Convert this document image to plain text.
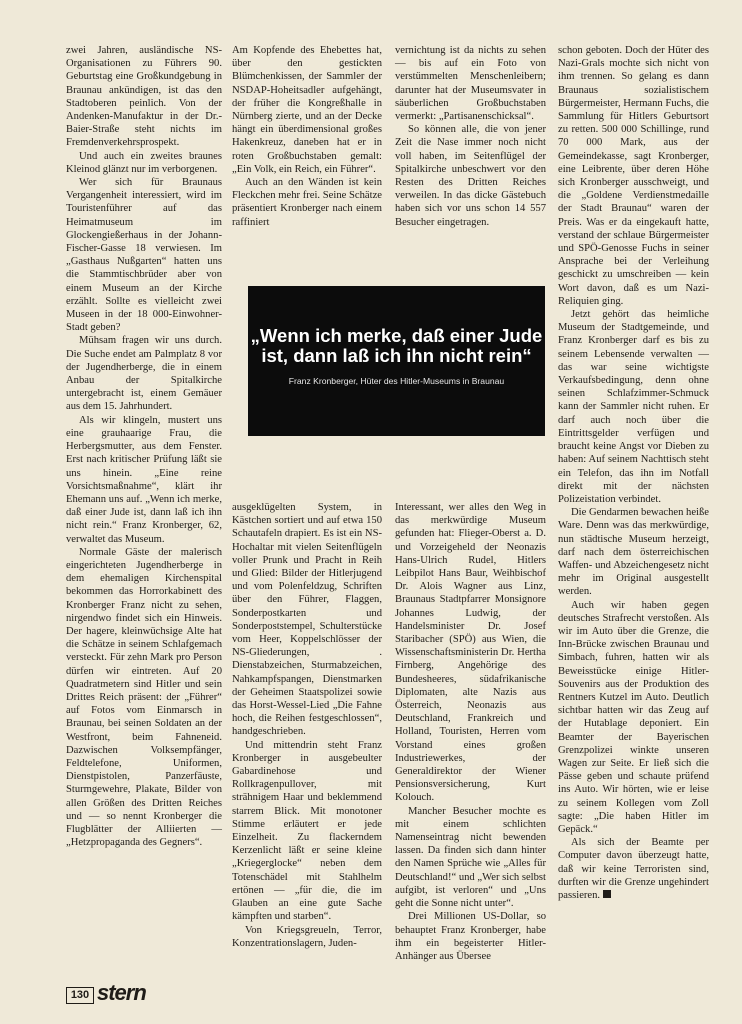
zwei Jahren, ausländische NS-Organisationen zu Führers 90. Geburtstag eine Großkundgebung in Braunau ankündigen, ist das den Stadtoberen peinlich. Von der Andenken-Manufaktur in der Dr.-Baier-Straße steht nichts im Fremdenverkehrsprospekt.

Und auch ein zweites braunes Kleinod glänzt nur im verborgenen.

Wer sich für Braunaus Vergangenheit interessiert, wird im Touristenführer auf das Heimatmuseum im Glockengießerhaus in der Johann-Fischer-Gasse 18 verwiesen. Im „Gasthaus Nußgarten“ hatten uns die Stammtischbrüder aber von einem Museum an der Kirche erzählt. Sollte es vielleicht zwei Museen in der 18 000-Einwohner-Stadt geben?

Mühsam fragen wir uns durch. Die Suche endet am Palmplatz 8 vor der Jugendherberge, die in einem Anbau der Spitalkirche untergebracht ist, einem Gemäuer aus dem 15. Jahrhundert.

Als wir klingeln, mustert uns eine grauhaarige Frau, die Herbergsmutter, aus dem Fenster. Erst nach kritischer Prüfung läßt sie uns hinein. „Eine reine Vorsichtsmaßnahme“, klärt ihr Ehemann uns auf. „Wenn ich merke, daß einer Jude ist, dann laß ich ihn nicht rein.“ Franz Kronberger, 62, verwaltet das Museum.

Normale Gäste der malerisch eingerichteten Jugendherberge in dem ehemaligen Kirchenspital bekommen das Horrorkabinett des Kronberger Franz nicht zu sehen, nirgendwo findet sich ein Hinweis. Der hagere, kleinwüchsige Alte hat die Schätze in seinem Schlafgemach versteckt. Für zehn Mark pro Person dürfen wir eintreten. Auf 20 Quadratmetern sind Hitler und sein Drittes Reich präsent: der „Führer“ auf Fotos vom Einmarsch in Braunau, bei seinen Soldaten an der Westfront, beim Fahneneid. Dazwischen Volksempfänger, Feldtelefone, Uniformen, Dienstpistolen, Panzerfäuste, Sturmgewehre, Plakate, Bilder von allen Größen des Dritten Reiches und — so nennt Kronberger die Flugblätter der Alliierten — „Hetzpropaganda des Gegners“.

Am Kopfende des Ehebettes hat, über den gestickten Blümchenkissen, der Sammler der NSDAP-Hoheitsadler aufgehängt, der früher die Kongreßhalle in Nürnberg zierte, und an der Decke hängt ein überdimensional großes Hakenkreuz, daneben hat er in roten Großbuchstaben gemalt: „Ein Volk, ein Reich, ein Führer“.

Auch an den Wänden ist kein Fleckchen mehr frei. Seine Schätze präsentiert Kronberger nach einem raffiniert

vernichtung ist da nichts zu sehen — bis auf ein Foto von verstümmelten Menschenleibern; darunter hat der Museumsvater in säuberlichen Großbuchstaben vermerkt: „Partisanenschicksal“.

So können alle, die von jener Zeit die Nase immer noch nicht voll haben, im Seitenflügel der Spitalkirche unbeschwert vor den Resten des Dritten Reiches verweilen. In das dicke Gästebuch haben sich vor uns schon 14 557 Besucher eingetragen.

„Wenn ich merke, daß einer Jude ist, dann laß ich ihn nicht rein“
Franz Kronberger, Hüter des Hitler-Museums in Braunau

ausgeklügelten System, in Kästchen sortiert und auf etwa 150 Schautafeln drapiert. Es ist ein NS-Hochaltar mit vielen Seitenflügeln voller Prunk und Pracht in Reih und Glied: Bilder der Hitlerjugend und vom Polenfeldzug, Schriften über den Führer, Flaggen, Sonderpostkarten und Sonderpoststempel, Schulterstücke vom Heer, Koppelschlösser der NS-Gliederungen, . Dienstabzeichen, Sturmabzeichen, Nahkampfspangen, Dienstmarken der Geheimen Staatspolizei sowie das Horst-Wessel-Lied „Die Fahne hoch, die Reihen festgeschlossen“, handgeschrieben.

Und mittendrin steht Franz Kronberger in ausgebeulter Gabardinehose und Rollkragenpullover, mit strähnigem Haar und beklemmend starrem Blick. Mit monotoner Stimme erläutert er jede Einzelheit. Zu flackerndem Kerzenlicht läßt er seine kleine „Kriegerglocke“ neben dem Totenschädel mit Stahlhelm ertönen — „für die, die im Glauben an eine gute Sache kämpften und starben“.

Von Kriegsgreueln, Terror, Konzentrationslagern, Juden-

Interessant, wer alles den Weg in das merkwürdige Museum gefunden hat: Flieger-Oberst a. D. und Vorzeigeheld der Neonazis Hans-Ulrich Rudel, Hitlers Leibpilot Hans Baur, Weihbischof Dr. Alois Wagner aus Linz, Braunaus Stadtpfarrer Monsignore Johannes Ludwig, der Handelsminister Dr. Josef Staribacher (SPÖ) aus Wien, die Wissenschaftsministerin Dr. Hertha Firnberg, Angehörige des Bundesheeres, südafrikanische Diplomaten, alte Nazis aus Österreich, Neonazis aus Deutschland, Frankreich und Holland, Touristen, Herren vom Vorstand eines großen Industriewerkes, der Generaldirektor der Wiener Pensionsversicherung, Kurt Kolouch.

Mancher Besucher mochte es mit einem schlichten Namenseintrag nicht bewenden lassen. Da finden sich dann hinter den Namen Sprüche wie „Alles für Deutschland!“ und „Wer sich selbst aufgibt, ist verloren“ und „Uns geht die Sonne nicht unter“.

Drei Millionen US-Dollar, so behauptet Franz Kronberger, habe ihm ein begeisterter Hitler-Anhänger aus Übersee

schon geboten. Doch der Hüter des Nazi-Grals mochte sich nicht von ihm trennen. So gelang es dann Braunaus sozialistischem Bürgermeister, Hermann Fuchs, die Sammlung für Hitlers Geburtsort zu retten. 500 000 Schillinge, rund 70 000 Mark, aus der Gemeindekasse, sagt Kronberger, eine Leibrente, über deren Höhe sich Kronberger ausschweigt, und die „Goldene Verdienstmedaille der Stadt Braunau“ waren der Preis. Was er da eingekauft hatte, verstand der schlaue Bürgermeister und SPÖ-Genosse Fuchs in seiner Ansprache bei der Verleihung geschickt zu umschreiben — kein Wort davon, daß es um Nazi-Reliquien ging.

Jetzt gehört das heimliche Museum der Stadtgemeinde, und Franz Kronberger darf es bis zu seinem Lebensende verwalten — das war seine wichtigste Verkaufsbedingung, denn ohne seinen Schlafzimmer-Schmuck kann der Sammler nicht ruhen. Er darf auch noch über die Eintrittsgelder verfügen und braucht keine Angst vor Dieben zu haben: Auf seinem Nachttisch steht ein Telefon, das ihn im Notfall direkt mit der nächsten Polizeistation verbindet.

Die Gendarmen bewachen heiße Ware. Denn was das merkwürdige, nun städtische Museum herzeigt, darf nach dem österreichischen Waffen- und Abzeichengesetz nicht mehr im Original ausgestellt werden.

Auch wir haben gegen deutsches Strafrecht verstoßen. Als wir im Auto über die Grenze, die Inn-Brücke zwischen Braunau und Simbach, fuhren, hatten wir als Beweisstücke einige Hitler-Souvenirs aus der Produktion des Rentners Kutzel im Auto. Deutlich sichtbar hatten wir das Zeug auf der Hutablage deponiert. Ein Beamter der Bayerischen Grenzpolizei winkte unseren Wagen zur Seite. Er ließ sich die Pässe geben und schaute prüfend ins Auto. Wir hörten, wie er leise zu seinem Kollegen vom Zoll sagte: „Die haben Hitler im Gepäck.“

Als sich der Beamte per Computer davon überzeugt hatte, daß wir keine Terroristen sind, durften wir die Grenze ungehindert passieren.

130 stern
